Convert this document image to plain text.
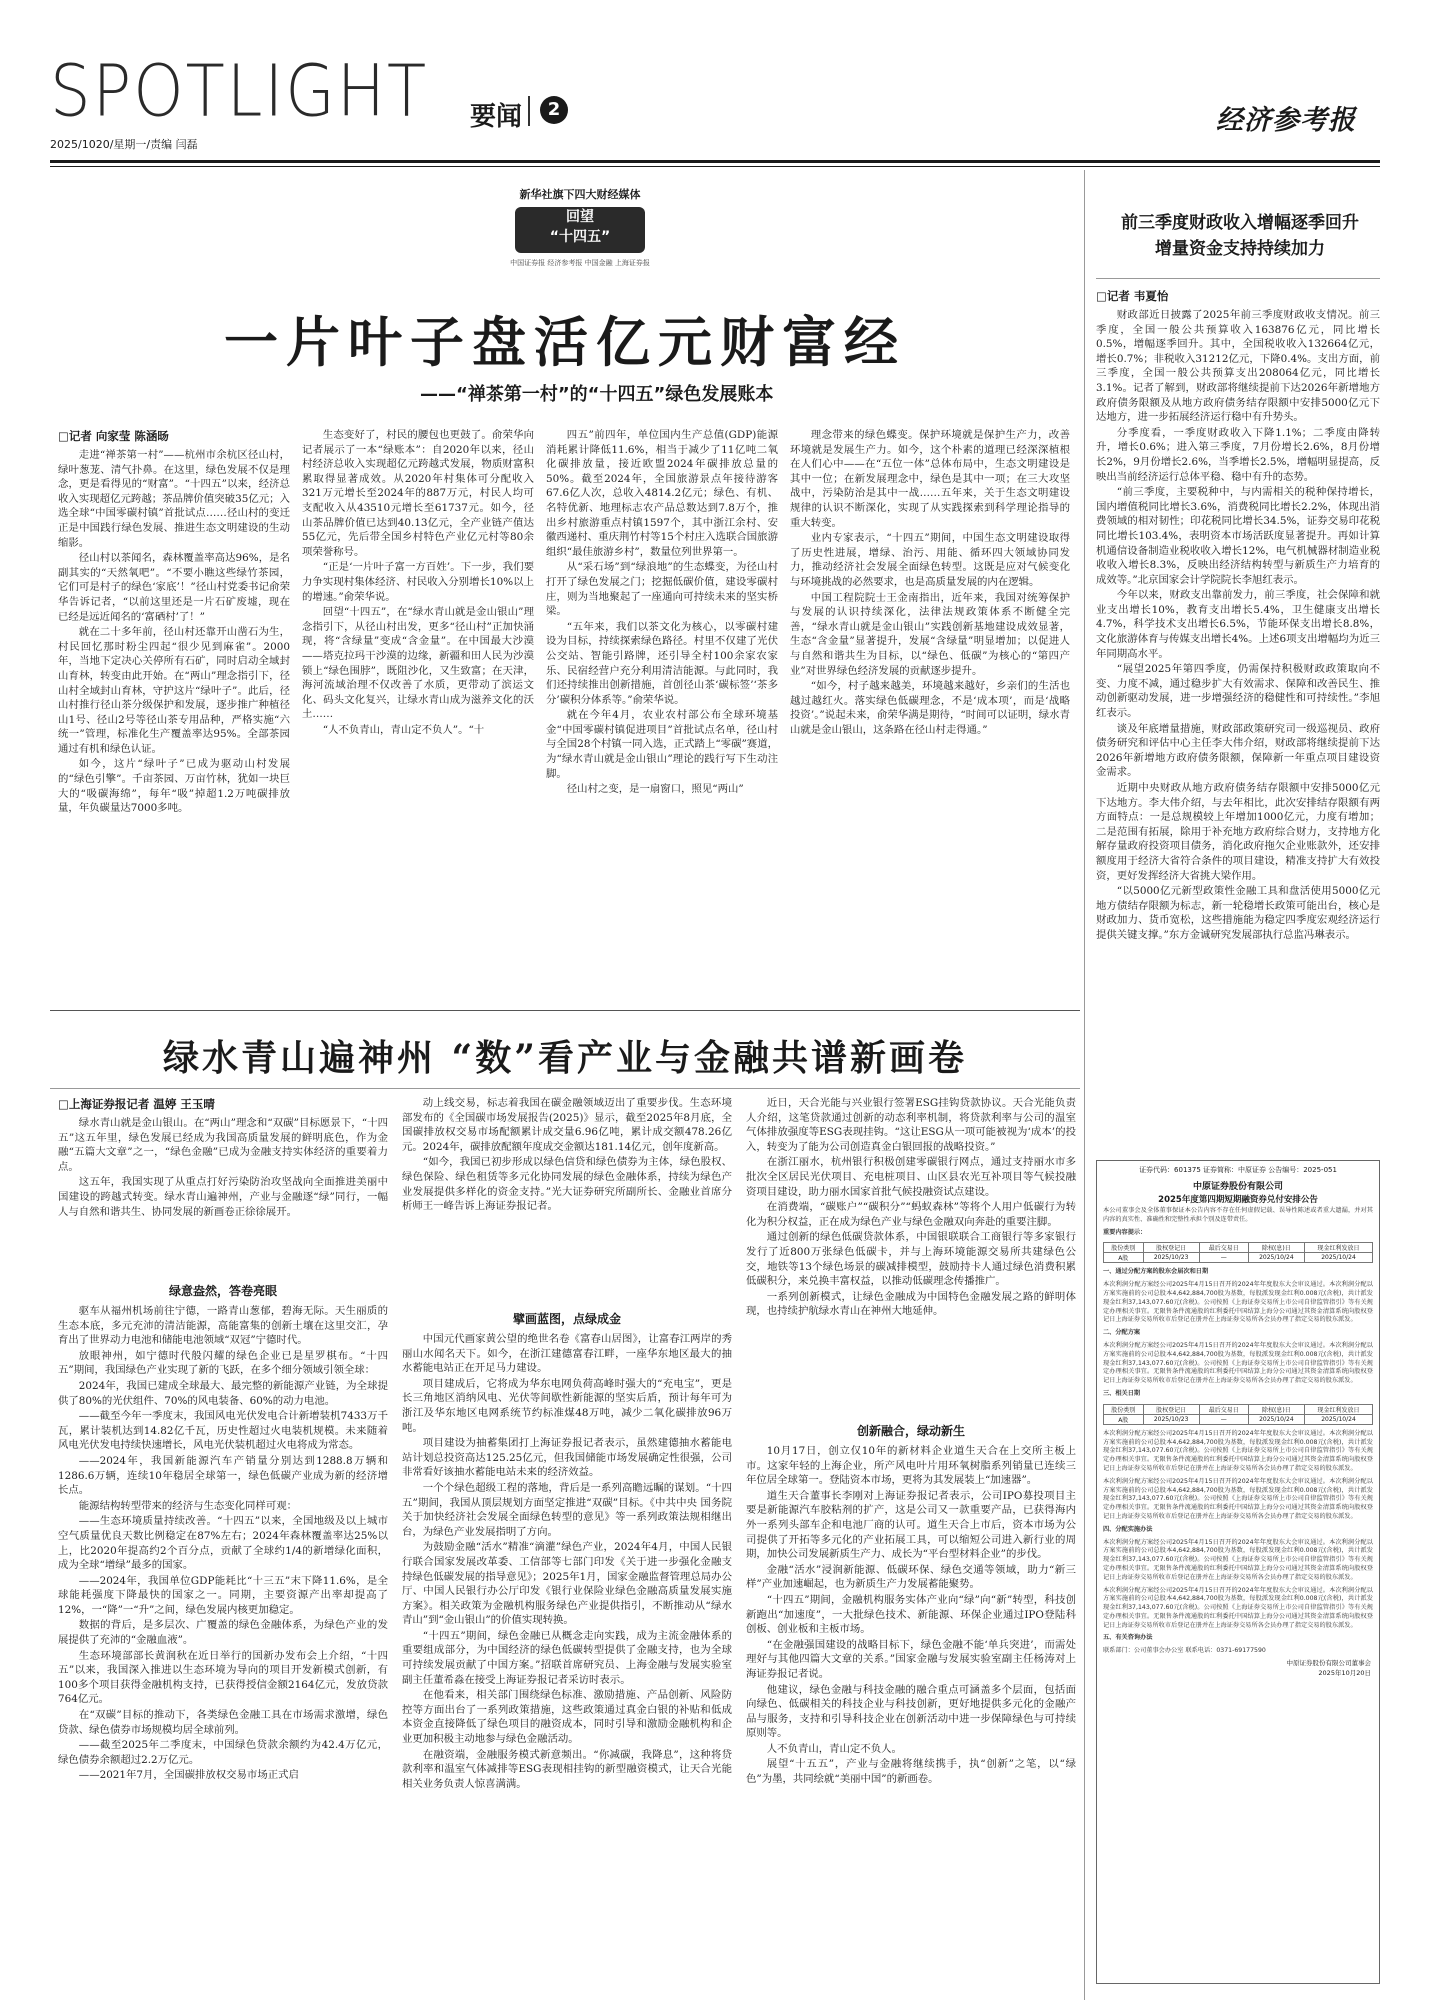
SPOTLIGHT 要闻	2
2025/1020/星期一/责编 闫磊
经济参考报
新华社旗下四大财经媒体
回望
“十四五”
中国证券报 经济参考报 中国金融 上海证券报
一片叶子盘活亿元财富经
——“禅茶第一村”的“十四五”绿色发展账本
□记者 向家莹 陈涵旸

走进“禅茶第一村”——杭州市余杭区径山村，绿叶葱茏、清气扑鼻。在这里，绿色发展不仅是理念，更是看得见的“财富”。“十四五”以来，经济总收入实现超亿元跨越；茶品牌价值突破35亿元；入选全球“中国零碳村镇”首批试点……径山村的变迁正是中国践行绿色发展、推进生态文明建设的生动缩影。

径山村以茶闻名，森林覆盖率高达96%，是名副其实的“天然氧吧”。“不要小瞧这些绿竹茶园，它们可是村子的绿色‘家底’！”径山村党委书记俞荣华告诉记者，“以前这里还是一片石矿废墟，现在已经是远近闻名的‘富硒村’了！”

就在二十多年前，径山村还靠开山凿石为生，村民回忆那时粉尘四起“很少见到麻雀”。2000年，当地下定决心关停所有石矿，同时启动全域封山育林，转变由此开始。在“两山”理念指引下，径山村全域封山育林，守护这片“绿叶子”。此后，径山村推行径山茶分级保护和发展，逐步推广种植径山1号、径山2号等径山茶专用品种，严格实施“六统一”管理，标准化生产覆盖率达95%。全部茶园通过有机和绿色认证。

如今，这片“绿叶子”已成为驱动山村发展的“绿色引擎”。千亩茶园、万亩竹林，犹如一块巨大的“吸碳海绵”，每年“吸”掉超1.2万吨碳排放量，年负碳量达7000多吨。

生态变好了，村民的腰包也更鼓了。俞荣华向记者展示了一本“绿账本”：自2020年以来，径山村经济总收入实现超亿元跨越式发展，物质财富积累取得显著成效。从2020年村集体可分配收入321万元增长至2024年的887万元，村民人均可支配收入从43510元增长至61737元。如今，径山茶品牌价值已达到40.13亿元，全产业链产值达55亿元，先后带全国乡村特色产业亿元村等80余项荣誉称号。

“正是‘一片叶子富一方百姓’。下一步，我们要力争实现村集体经济、村民收入分别增长10%以上的增速。”俞荣华说。

回望“十四五”，在“绿水青山就是金山银山”理念指引下，从径山村出发，更多“径山村”正加快涌现，将“含绿量”变成“含金量”。在中国最大沙漠——塔克拉玛干沙漠的边缘，新疆和田人民为沙漠锁上“绿色围脖”，既阻沙化，又生致富；在天津，海河流域治理不仅改善了水质，更带动了滨运文化、码头文化复兴，让绿水青山成为滋养文化的沃土……

“人不负青山，青山定不负人”。“十

四五”前四年，单位国内生产总值(GDP)能源消耗累计降低11.6%，相当于减少了11亿吨二氧化碳排放量，接近欧盟2024年碳排放总量的50%。截至2024年，全国旅游景点年接待游客67.6亿人次，总收入4814.2亿元；绿色、有机、名特优新、地理标志农产品总数达到7.8万个，推出乡村旅游重点村镇1597个，其中浙江余村、安徽西递村、重庆荆竹村等15个村庄入选联合国旅游组织“最佳旅游乡村”，数量位列世界第一。

从“采石场”到“绿浪地”的生态蝶变，为径山村打开了绿色发展之门；挖掘低碳价值，建设零碳村庄，则为当地聚起了一座通向可持续未来的坚实桥梁。

“五年来，我们以茶文化为核心，以零碳村建设为目标，持续探索绿色路径。村里不仅建了光伏公交站、智能引路牌，还引导全村100余家农家乐、民宿经营户充分利用清洁能源。与此同时，我们还持续推出创新措施，首创径山茶‘碳标签’‘茶多分’碳积分体系等。”俞荣华说。

就在今年4月，农业农村部公布全球环境基金“中国零碳村镇促进项目”首批试点名单，径山村与全国28个村镇一同入选，正式踏上“零碳”赛道，为“绿水青山就是金山银山”理论的践行写下生动注脚。

径山村之变，是一扇窗口，照见“两山”

理念带来的绿色蝶变。保护环境就是保护生产力，改善环境就是发展生产力。如今，这个朴素的道理已经深深植根在人们心中——在“五位一体”总体布局中，生态文明建设是其中一位；在新发展理念中，绿色是其中一项；在三大攻坚战中，污染防治是其中一战……五年来，关于生态文明建设规律的认识不断深化，实现了从实践探索到科学理论指导的重大转变。

业内专家表示，“十四五”期间，中国生态文明建设取得了历史性进展，增绿、治污、用能、循环四大领域协同发力，推动经济社会发展全面绿色转型。这既是应对气候变化与环境挑战的必然要求，也是高质量发展的内在逻辑。

中国工程院院士王金南指出，近年来，我国对统筹保护与发展的认识持续深化，法律法规政策体系不断健全完善，“绿水青山就是金山银山”实践创新基地建设成效显著，生态“含金量”显著提升，发展“含绿量”明显增加；以促进人与自然和谐共生为目标，以“绿色、低碳”为核心的“第四产业”对世界绿色经济发展的贡献逐步提升。

“如今，村子越来越美，环境越来越好，乡亲们的生活也越过越红火。落实绿色低碳理念，不是‘成本项’，而是‘战略投资’。”说起未来，俞荣华满是期待，“时间可以证明，绿水青山就是金山银山，这条路在径山村走得通。”

绿水青山遍神州 “数”看产业与金融共谱新画卷
□上海证券报记者 温婷 王玉晴

绿水青山就是金山银山。在“两山”理念和“双碳”目标愿景下，“十四五”这五年里，绿色发展已经成为我国高质量发展的鲜明底色，作为金融“五篇大文章”之一，“绿色金融”已成为金融支持实体经济的重要着力点。

这五年，我国实现了从重点打好污染防治攻坚战向全面推进美丽中国建设的跨越式转变。绿水青山遍神州，产业与金融逐“绿”同行，一幅人与自然和谐共生、协同发展的新画卷正徐徐展开。

绿意盎然，答卷亮眼

驱车从福州机场前往宁德，一路青山葱郁，碧海无际。天生丽质的生态本底，多元充沛的清洁能源，高能富集的创新土壤在这里交汇，孕育出了世界动力电池和储能电池领域“双冠”宁德时代。

放眼神州，如宁德时代般闪耀的绿色企业已是星罗棋布。“十四五”期间，我国绿色产业实现了新的飞跃，在多个细分领域引领全球：

2024年，我国已建成全球最大、最完整的新能源产业链，为全球提供了80%的光伏组件、70%的风电装备、60%的动力电池。

——截至今年一季度末，我国风电光伏发电合计新增装机7433万千瓦，累计装机达到14.82亿千瓦，历史性超过火电装机规模。未来随着风电光伏发电持续快速增长，风电光伏装机超过火电将成为常态。

——2024年，我国新能源汽车产销量分别达到1288.8万辆和1286.6万辆，连续10年稳居全球第一，绿色低碳产业成为新的经济增长点。

能源结构转型带来的经济与生态变化同样可观：

——生态环境质量持续改善。“十四五”以来，全国地级及以上城市空气质量优良天数比例稳定在87%左右；2024年森林覆盖率达25%以上，比2020年提高约2个百分点，贡献了全球约1/4的新增绿化面积，成为全球“增绿”最多的国家。

——2024年，我国单位GDP能耗比“十三五”末下降11.6%，是全球能耗强度下降最快的国家之一。同期，主要资源产出率却提高了12%，一“降”一“升”之间，绿色发展内核更加稳定。

数据的背后，是多层次、广覆盖的绿色金融体系，为绿色产业的发展提供了充沛的“金融血液”。

生态环境部部长黄润秋在近日举行的国新办发布会上介绍，“十四五”以来，我国深入推进以生态环境为导向的项目开发新模式创新，有100多个项目获得金融机构支持，已获得授信金额2164亿元，发放贷款764亿元。

在“双碳”目标的推动下，各类绿色金融工具在市场需求激增，绿色贷款、绿色债券市场规模均居全球前列。

——截至2025年二季度末，中国绿色贷款余额约为42.4万亿元，绿色债券余额超过2.2万亿元。

——2021年7月，全国碳排放权交易市场正式启

动上线交易，标志着我国在碳金融领域迈出了重要步伐。生态环境部发布的《全国碳市场发展报告(2025)》显示，截至2025年8月底，全国碳排放权交易市场配额累计成交量6.96亿吨，累计成交额478.26亿元。2024年，碳排放配额年度成交金额达181.14亿元，创年度新高。

“如今，我国已初步形成以绿色信贷和绿色债券为主体，绿色股权、绿色保险、绿色租赁等多元化协同发展的绿色金融体系，持续为绿色产业发展提供多样化的资金支持。”光大证券研究所副所长、金融业首席分析师王一峰告诉上海证券报记者。

擘画蓝图，点绿成金

中国元代画家黄公望的绝世名卷《富春山居图》，让富春江两岸的秀丽山水闻名天下。如今，在浙江建德富春江畔，一座华东地区最大的抽水蓄能电站正在开足马力建设。

项目建成后，它将成为华东电网负荷高峰时强大的“充电宝”，更是长三角地区消纳风电、光伏等间歇性新能源的坚实后盾，预计每年可为浙江及华东地区电网系统节约标准煤48万吨，减少二氧化碳排放96万吨。

项目建设为抽蓄集团打上海证券报记者表示，虽然建德抽水蓄能电站计划总投资高达125.25亿元，但我国储能市场发展确定性很强，公司非常看好该抽水蓄能电站未来的经济效益。

一个个绿色超级工程的落地，背后是一系列高瞻远瞩的谋划。“十四五”期间，我国从顶层规划方面坚定推进“双碳”目标。《中共中央 国务院关于加快经济社会发展全面绿色转型的意见》等一系列政策法规相继出台，为绿色产业发展指明了方向。

为鼓励金融“活水”精准“滴灌”绿色产业，2024年4月，中国人民银行联合国家发展改革委、工信部等七部门印发《关于进一步强化金融支持绿色低碳发展的指导意见》；2025年1月，国家金融监督管理总局办公厅、中国人民银行办公厅印发《银行业保险业绿色金融高质量发展实施方案》。相关政策为金融机构服务绿色产业提供指引，不断推动从“绿水青山”到“金山银山”的价值实现转换。

“十四五”期间，绿色金融已从概念走向实践，成为主流金融体系的重要组成部分，为中国经济的绿色低碳转型提供了金融支持，也为全球可持续发展贡献了中国方案。”招联首席研究员、上海金融与发展实验室副主任董希淼在接受上海证券报记者采访时表示。

在他看来，相关部门围绕绿色标准、激励措施、产品创新、风险防控等方面出台了一系列政策措施，这些政策通过真金白银的补贴和低成本资金直接降低了绿色项目的融资成本，同时引导和激励金融机构和企业更加积极主动地参与绿色金融活动。

在融资端，金融服务模式新意频出。“你减碳，我降息”，这种将贷款利率和温室气体减排等ESG表现相挂钩的新型融资模式，让天合光能相关业务负责人惊喜满满。

近日，天合光能与兴业银行签署ESG挂钩贷款协议。天合光能负责人介绍，这笔贷款通过创新的动态利率机制，将贷款利率与公司的温室气体排放强度等ESG表现挂钩。“这让ESG从一项可能被视为‘成本’的投入，转变为了能为公司创造真金白银回报的战略投资。”

在浙江丽水，杭州银行积极创建零碳银行网点，通过支持丽水市多批次全区居民光伏项目、充电桩项目、山区县农光互补项目等气候投融资项目建设，助力丽水国家首批气候投融资试点建设。

在消费端，“碳账户”“碳积分”“蚂蚁森林”等将个人用户低碳行为转化为积分权益，正在成为绿色产业与绿色金融双向奔赴的重要注脚。

通过创新的绿色低碳贷款体系，中国银联联合工商银行等多家银行发行了近800万张绿色低碳卡，并与上海环境能源交易所共建绿色公交，地铁等13个绿色场景的碳减排模型，鼓励持卡人通过绿色消费积累低碳积分，来兑换丰富权益，以推动低碳理念传播推广。

一系列创新模式，让绿色金融成为中国特色金融发展之路的鲜明体现，也持续护航绿水青山在神州大地延伸。

创新融合，绿动新生

10月17日，创立仅10年的新材料企业道生天合在上交所主板上市。这家年轻的上海企业，所产风电叶片用环氧树脂系列销量已连续三年位居全球第一。登陆资本市场，更将为其发展装上“加速器”。

道生天合董事长李刚对上海证券报记者表示，公司IPO募投项目主要是新能源汽车胶粘剂的扩产，这是公司又一款重要产品，已获得海内外一系列头部车企和电池厂商的认可。道生天合上市后，资本市场为公司提供了开拓等多元化的产业拓展工具，可以缩短公司进入新行业的周期，加快公司发展新质生产力、成长为“平台型材料企业”的步伐。

金融“活水”浸润新能源、低碳环保、绿色交通等领域，助力“新三样”产业加速崛起，也为新质生产力发展蓄能聚势。

“十四五”期间，金融机构服务实体产业向“绿”向“新”转型，科技创新跑出“加速度”，一大批绿色技术、新能源、环保企业通过IPO登陆科创板、创业板和主板市场。

“在金融强国建设的战略目标下，绿色金融不能‘单兵突进’，而需处理好与其他四篇大文章的关系。”国家金融与发展实验室副主任杨涛对上海证券报记者说。

他建议，绿色金融与科技金融的融合重点可涵盖多个层面，包括面向绿色、低碳相关的科技企业与科技创新，更好地提供多元化的金融产品与服务，支持和引导科技企业在创新活动中进一步保障绿色与可持续原则等。

人不负青山，青山定不负人。

展望“十五五”，产业与金融将继续携手，执“创新”之笔，以“绿色”为墨，共同绘就“美丽中国”的新画卷。

前三季度财政收入增幅逐季回升
增量资金支持持续加力
□记者 韦夏怡

财政部近日披露了2025年前三季度财政收支情况。前三季度，全国一般公共预算收入163876亿元，同比增长0.5%，增幅逐季回升。其中，全国税收收入132664亿元，增长0.7%；非税收入31212亿元，下降0.4%。支出方面，前三季度，全国一般公共预算支出208064亿元，同比增长3.1%。记者了解到，财政部将继续提前下达2026年新增地方政府债务限额及从地方政府债务结存限额中安排5000亿元下达地方，进一步拓展经济运行稳中有升势头。

分季度看，一季度财政收入下降1.1%；二季度由降转升，增长0.6%；进入第三季度，7月份增长2.6%，8月份增长2%，9月份增长2.6%，当季增长2.5%，增幅明显提高，反映出当前经济运行总体平稳、稳中有升的态势。

“前三季度，主要税种中，与内需相关的税种保持增长，国内增值税同比增长3.6%，消费税同比增长2.2%，体现出消费领域的相对韧性；印花税同比增长34.5%，证券交易印花税同比增长103.4%，表明资本市场活跃度显著提升。再如计算机通信设备制造业税收收入增长12%，电气机械器材制造业税收收入增长8.3%，反映出经济结构转型与新质生产力培育的成效等。”北京国家会计学院院长李旭红表示。

今年以来，财政支出靠前发力，前三季度，社会保障和就业支出增长10%，教育支出增长5.4%，卫生健康支出增长4.7%，科学技术支出增长6.5%，节能环保支出增长8.8%，文化旅游体育与传媒支出增长4%。上述6项支出增幅均为近三年同期高水平。

“展望2025年第四季度，仍需保持积极财政政策取向不变、力度不减，通过稳步扩大有效需求、保障和改善民生、推动创新驱动发展，进一步增强经济的稳健性和可持续性。”李旭红表示。

谈及年底增量措施，财政部政策研究司一级巡视员、政府债务研究和评估中心主任李大伟介绍，财政部将继续提前下达2026年新增地方政府债务限额，保障新一年重点项目建设资金需求。

近期中央财政从地方政府债务结存限额中安排5000亿元下达地方。李大伟介绍，与去年相比，此次安排结存限额有两方面特点：一是总规模较上年增加1000亿元，力度有增加；二是范围有拓展，除用于补充地方政府综合财力，支持地方化解存量政府投资项目债务，消化政府拖欠企业账款外，还安排额度用于经济大省符合条件的项目建设，精准支持扩大有效投资，更好发挥经济大省挑大梁作用。

“以5000亿元新型政策性金融工具和盘活使用5000亿元地方债结存限额为标志，新一轮稳增长政策可能出台，核心是财政加力、货币宽松，这些措施能为稳定四季度宏观经济运行提供关键支撑。”东方金诚研究发展部执行总监冯琳表示。

证券代码：601375 证券简称：中原证券 公告编号：2025-051
中原证券股份有限公司
2025年度第四期短期融资券兑付安排公告
本公司董事会及全体董事保证本公告内容不存在任何虚假记载、误导性陈述或者重大遗漏，并对其内容的真实性、准确性和完整性承担个别及连带责任。
重要内容提示：
股份类别	股权登记日	最后交易日	除权(息)日	现金红利发放日
A股	2025/10/23	—	2025/10/24	2025/10/24
一、通过分配方案的股东会届次和日期
本次利润分配方案经公司2025年4月15日召开的2024年年度股东大会审议通过。本次利润分配以方案实施前的公司总股本4,642,884,700股为基数，每股派发现金红利0.008元(含税)，共计派发现金红利37,143,077.60元(含税)。公司按照《上海证券交易所上市公司自律监管指引》等有关规定办理相关事宜。无限售条件流通股的红利委托中国结算上海分公司通过其资金清算系统向股权登记日上海证券交易所收市后登记在册并在上海证券交易所各会员办理了指定交易的股东派发。
二、分配方案
本次利润分配方案经公司2025年4月15日召开的2024年年度股东大会审议通过。本次利润分配以方案实施前的公司总股本4,642,884,700股为基数，每股派发现金红利0.008元(含税)，共计派发现金红利37,143,077.60元(含税)。公司按照《上海证券交易所上市公司自律监管指引》等有关规定办理相关事宜。无限售条件流通股的红利委托中国结算上海分公司通过其资金清算系统向股权登记日上海证券交易所收市后登记在册并在上海证券交易所各会员办理了指定交易的股东派发。
三、相关日期
股份类别	股权登记日	最后交易日	除权(息)日	现金红利发放日
A股	2025/10/23	—	2025/10/24	2025/10/24
本次利润分配方案经公司2025年4月15日召开的2024年年度股东大会审议通过。本次利润分配以方案实施前的公司总股本4,642,884,700股为基数，每股派发现金红利0.008元(含税)，共计派发现金红利37,143,077.60元(含税)。公司按照《上海证券交易所上市公司自律监管指引》等有关规定办理相关事宜。无限售条件流通股的红利委托中国结算上海分公司通过其资金清算系统向股权登记日上海证券交易所收市后登记在册并在上海证券交易所各会员办理了指定交易的股东派发。
本次利润分配方案经公司2025年4月15日召开的2024年年度股东大会审议通过。本次利润分配以方案实施前的公司总股本4,642,884,700股为基数，每股派发现金红利0.008元(含税)，共计派发现金红利37,143,077.60元(含税)。公司按照《上海证券交易所上市公司自律监管指引》等有关规定办理相关事宜。无限售条件流通股的红利委托中国结算上海分公司通过其资金清算系统向股权登记日上海证券交易所收市后登记在册并在上海证券交易所各会员办理了指定交易的股东派发。
四、分配实施办法
本次利润分配方案经公司2025年4月15日召开的2024年年度股东大会审议通过。本次利润分配以方案实施前的公司总股本4,642,884,700股为基数，每股派发现金红利0.008元(含税)，共计派发现金红利37,143,077.60元(含税)。公司按照《上海证券交易所上市公司自律监管指引》等有关规定办理相关事宜。无限售条件流通股的红利委托中国结算上海分公司通过其资金清算系统向股权登记日上海证券交易所收市后登记在册并在上海证券交易所各会员办理了指定交易的股东派发。
本次利润分配方案经公司2025年4月15日召开的2024年年度股东大会审议通过。本次利润分配以方案实施前的公司总股本4,642,884,700股为基数，每股派发现金红利0.008元(含税)，共计派发现金红利37,143,077.60元(含税)。公司按照《上海证券交易所上市公司自律监管指引》等有关规定办理相关事宜。无限售条件流通股的红利委托中国结算上海分公司通过其资金清算系统向股权登记日上海证券交易所收市后登记在册并在上海证券交易所各会员办理了指定交易的股东派发。
五、有关咨询办法
联系部门：公司董事会办公室 联系电话：0371-69177590
中原证券股份有限公司董事会
2025年10月20日
